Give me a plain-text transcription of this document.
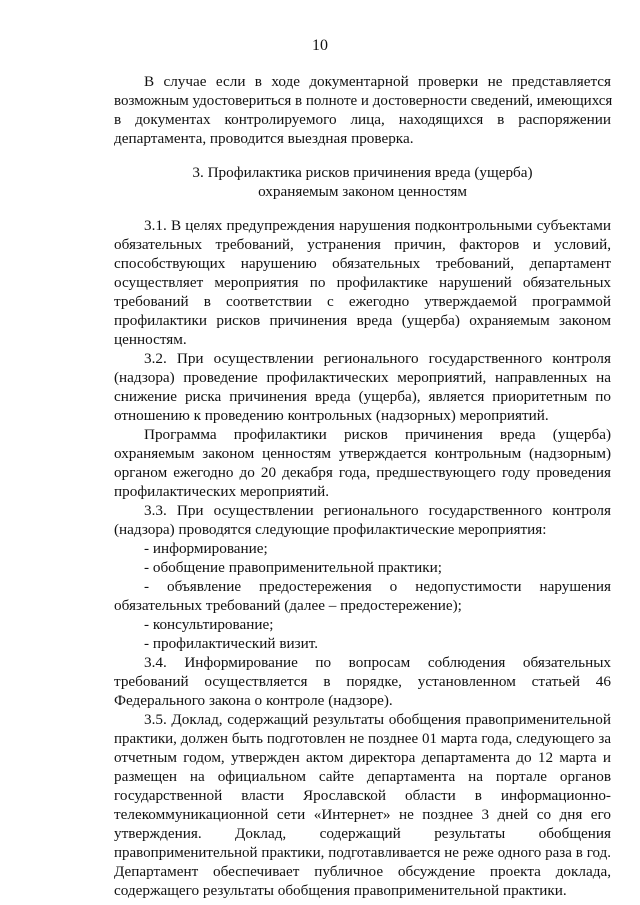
10
В случае если в ходе документарной проверки не представляется
возможным удостовериться в полноте и достоверности сведений, имеющихся
в документах контролируемого лица, находящихся в распоряжении
департамента, проводится выездная проверка.
3. Профилактика рисков причинения вреда (ущерба)
охраняемым законом ценностям
3.1. В целях предупреждения нарушения подконтрольными субъектами
обязательных требований, устранения причин, факторов и условий,
способствующих нарушению обязательных требований, департамент
осуществляет мероприятия по профилактике нарушений обязательных
требований в соответствии с ежегодно утверждаемой программой
профилактики рисков причинения вреда (ущерба) охраняемым законом
ценностям.
3.2. При осуществлении регионального государственного контроля
(надзора) проведение профилактических мероприятий, направленных на
снижение риска причинения вреда (ущерба), является приоритетным по
отношению к проведению контрольных (надзорных) мероприятий.
Программа профилактики рисков причинения вреда (ущерба)
охраняемым законом ценностям утверждается контрольным (надзорным)
органом ежегодно до 20 декабря года, предшествующего году проведения
профилактических мероприятий.
3.3. При осуществлении регионального государственного контроля
(надзора) проводятся следующие профилактические мероприятия:
- информирование;
- обобщение правоприменительной практики;
- объявление предостережения о недопустимости нарушения
обязательных требований (далее – предостережение);
- консультирование;
- профилактический визит.
3.4. Информирование по вопросам соблюдения обязательных
требований осуществляется в порядке, установленном статьей 46
Федерального закона о контроле (надзоре).
3.5. Доклад, содержащий результаты обобщения правоприменительной
практики, должен быть подготовлен не позднее 01 марта года, следующего за
отчетным годом, утвержден актом директора департамента до 12 марта и
размещен на официальном сайте департамента на портале органов
государственной власти Ярославской области в информационно-
телекоммуникационной сети «Интернет» не позднее 3 дней со дня его
утверждения. Доклад, содержащий результаты обобщения
правоприменительной практики, подготавливается не реже одного раза в год.
Департамент обеспечивает публичное обсуждение проекта доклада,
содержащего результаты обобщения правоприменительной практики.
